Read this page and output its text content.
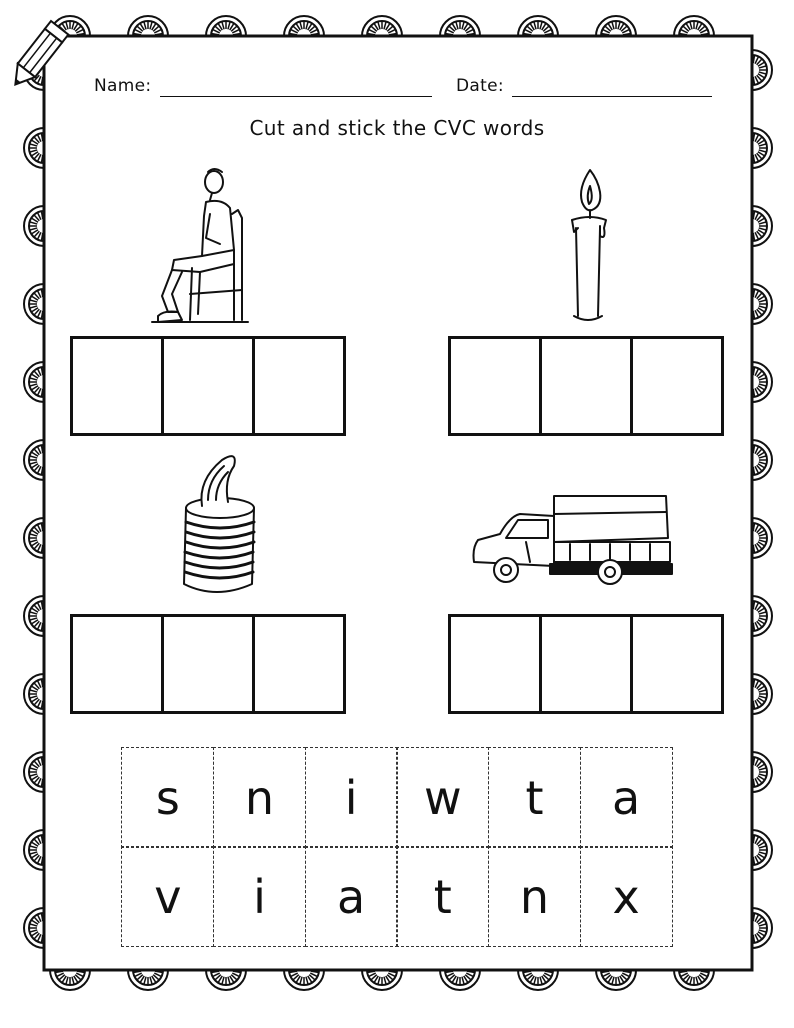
Name:	Date:
Cut and stick the CVC words
s	n	i	w	t	a
v	i	a	t	n	x
